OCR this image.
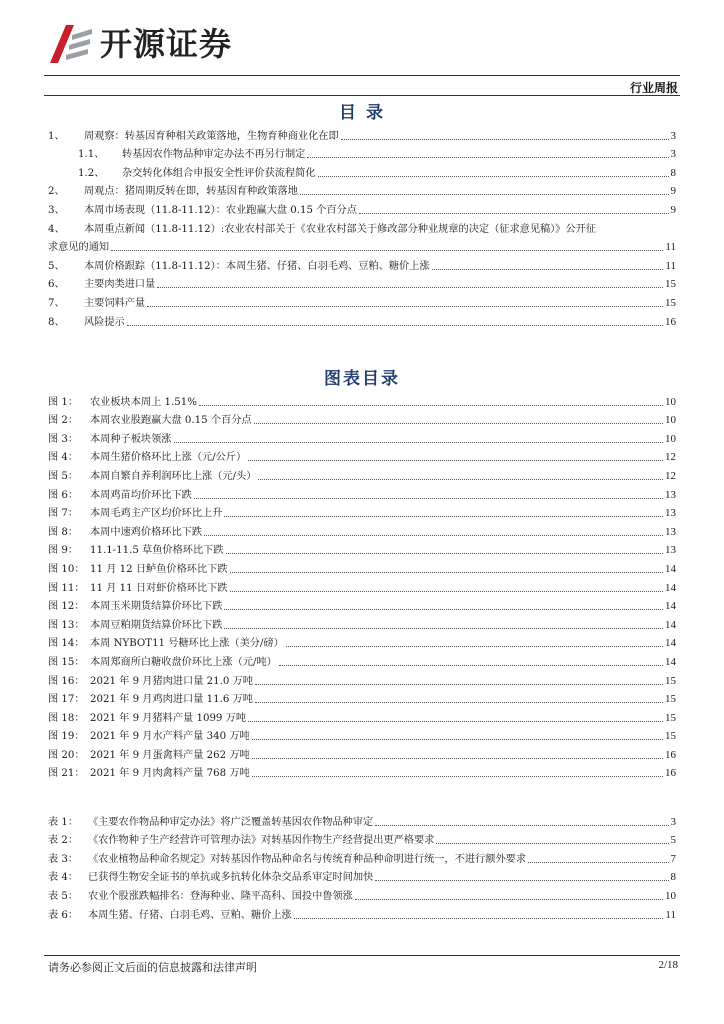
开源证券
行业周报
目 录
1、	周观察：转基因育种相关政策落地，生物育种商业化在即	3
1.1、	转基因农作物品种审定办法不再另行制定	3
1.2、	杂交转化体组合申报安全性评价获流程简化	8
2、	周观点：猪周期反转在即，转基因育种政策落地	9
3、	本周市场表现（11.8-11.12）：农业跑赢大盘 0.15 个百分点	9
4、	本周重点新闻（11.8-11.12）:农业农村部关于《农业农村部关于修改部分种业规章的决定（征求意见稿）》公开征
求意见的通知	11
5、	本周价格跟踪（11.8-11.12）：本周生猪、仔猪、白羽毛鸡、豆粕、糖价上涨	11
6、	主要肉类进口量	15
7、	主要饲料产量	15
8、	风险提示	16
图表目录
图 1：	农业板块本周上 1.51%	10
图 2：	本周农业股跑赢大盘 0.15 个百分点	10
图 3：	本周种子板块领涨	10
图 4：	本周生猪价格环比上涨（元/公斤）	12
图 5：	本周自繁自养利润环比上涨（元/头）	12
图 6：	本周鸡苗均价环比下跌	13
图 7：	本周毛鸡主产区均价环比上升	13
图 8：	本周中速鸡价格环比下跌	13
图 9：	11.1-11.5 草鱼价格环比下跌	13
图 10： 11 月 12 日鲈鱼价格环比下跌	14
图 11： 11 月 11 日对虾价格环比下跌	14
图 12： 本周玉米期货结算价环比下跌	14
图 13： 本周豆粕期货结算价环比下跌	14
图 14： 本周 NYBOT11 号糖环比上涨（美分/磅）	14
图 15： 本周郑商所白糖收盘价环比上涨（元/吨）	14
图 16： 2021 年 9 月猪肉进口量 21.0 万吨	15
图 17： 2021 年 9 月鸡肉进口量 11.6 万吨	15
图 18： 2021 年 9 月猪料产量 1099 万吨	15
图 19： 2021 年 9 月水产料产量 340 万吨	15
图 20： 2021 年 9 月蛋禽料产量 262 万吨	16
图 21： 2021 年 9 月肉禽料产量 768 万吨	16
表 1： 《主要农作物品种审定办法》将广泛覆盖转基因农作物品种审定	3
表 2： 《农作物种子生产经营许可管理办法》对转基因作物生产经营提出更严格要求	5
表 3： 《农业植物品种命名规定》对转基因作物品种命名与传统育种品种命明进行统一，不进行额外要求	7
表 4： 已获得生物安全证书的单抗或多抗转化体杂交品系审定时间加快	8
表 5： 农业个股涨跌幅排名：登海种业、隆平高科、国投中鲁领涨	10
表 6： 本周生猪、仔猪、白羽毛鸡、豆粕、糖价上涨	11
请务必参阅正文后面的信息披露和法律声明	2/18
